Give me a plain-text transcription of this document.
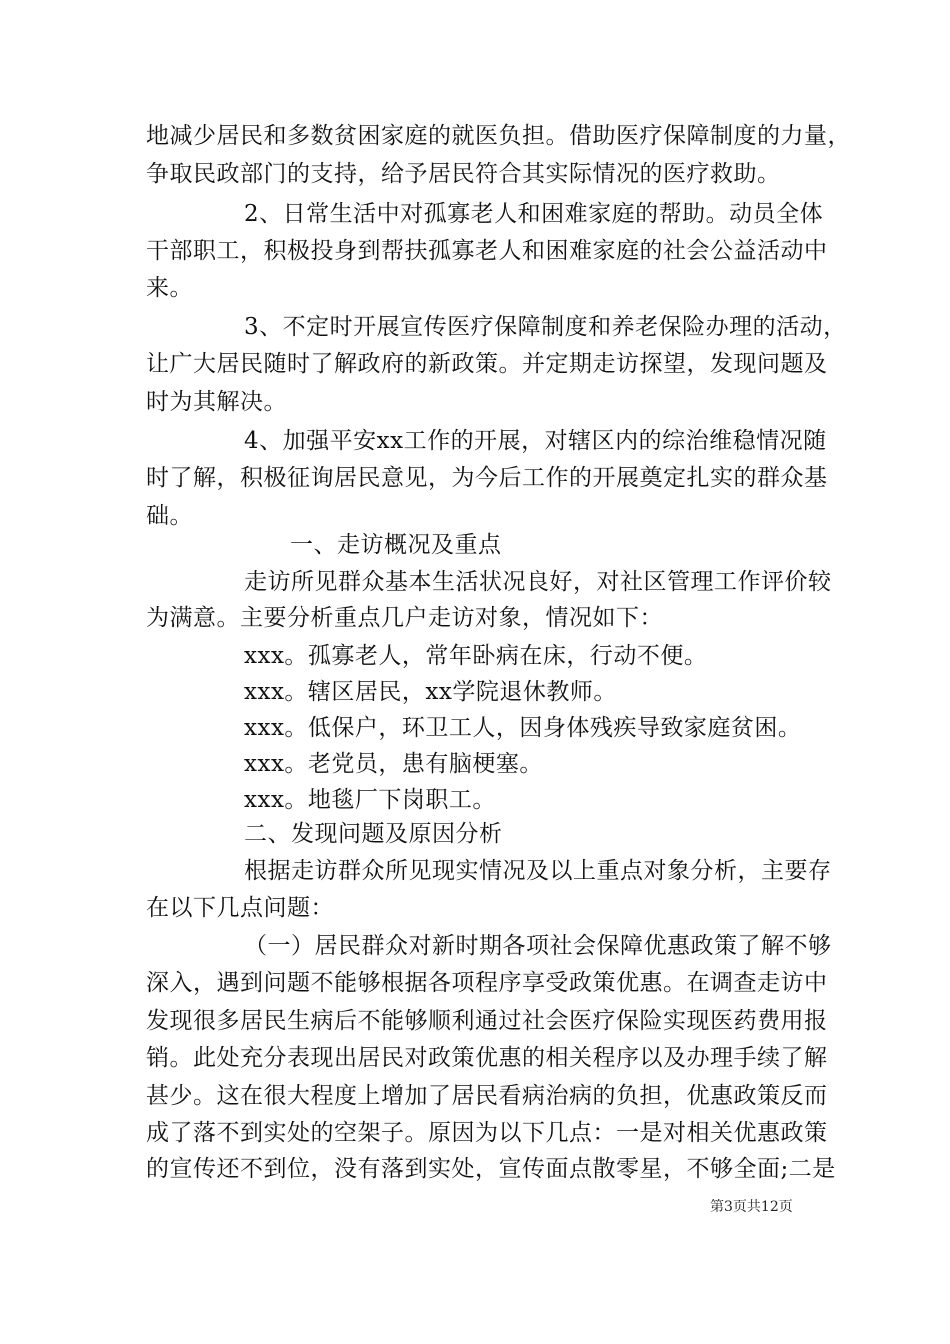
地减少居民和多数贫困家庭的就医负担。借助医疗保障制度的力量，
争取民政部门的支持，给予居民符合其实际情况的医疗救助。
2、日常生活中对孤寡老人和困难家庭的帮助。动员全体
干部职工，积极投身到帮扶孤寡老人和困难家庭的社会公益活动中
来。
3、不定时开展宣传医疗保障制度和养老保险办理的活动，
让广大居民随时了解政府的新政策。并定期走访探望，发现问题及
时为其解决。
4、加强平安xx工作的开展，对辖区内的综治维稳情况随
时了解，积极征询居民意见，为今后工作的开展奠定扎实的群众基
础。
一、走访概况及重点
走访所见群众基本生活状况良好，对社区管理工作评价较
为满意。主要分析重点几户走访对象，情况如下：
xxx。孤寡老人，常年卧病在床，行动不便。
xxx。辖区居民，xx学院退休教师。
xxx。低保户，环卫工人，因身体残疾导致家庭贫困。
xxx。老党员，患有脑梗塞。
xxx。地毯厂下岗职工。
二、发现问题及原因分析
根据走访群众所见现实情况及以上重点对象分析，主要存
在以下几点问题：
（一）居民群众对新时期各项社会保障优惠政策了解不够
深入，遇到问题不能够根据各项程序享受政策优惠。在调查走访中
发现很多居民生病后不能够顺利通过社会医疗保险实现医药费用报
销。此处充分表现出居民对政策优惠的相关程序以及办理手续了解
甚少。这在很大程度上增加了居民看病治病的负担，优惠政策反而
成了落不到实处的空架子。原因为以下几点：一是对相关优惠政策
的宣传还不到位，没有落到实处，宣传面点散零星，不够全面;二是
第3页共12页
